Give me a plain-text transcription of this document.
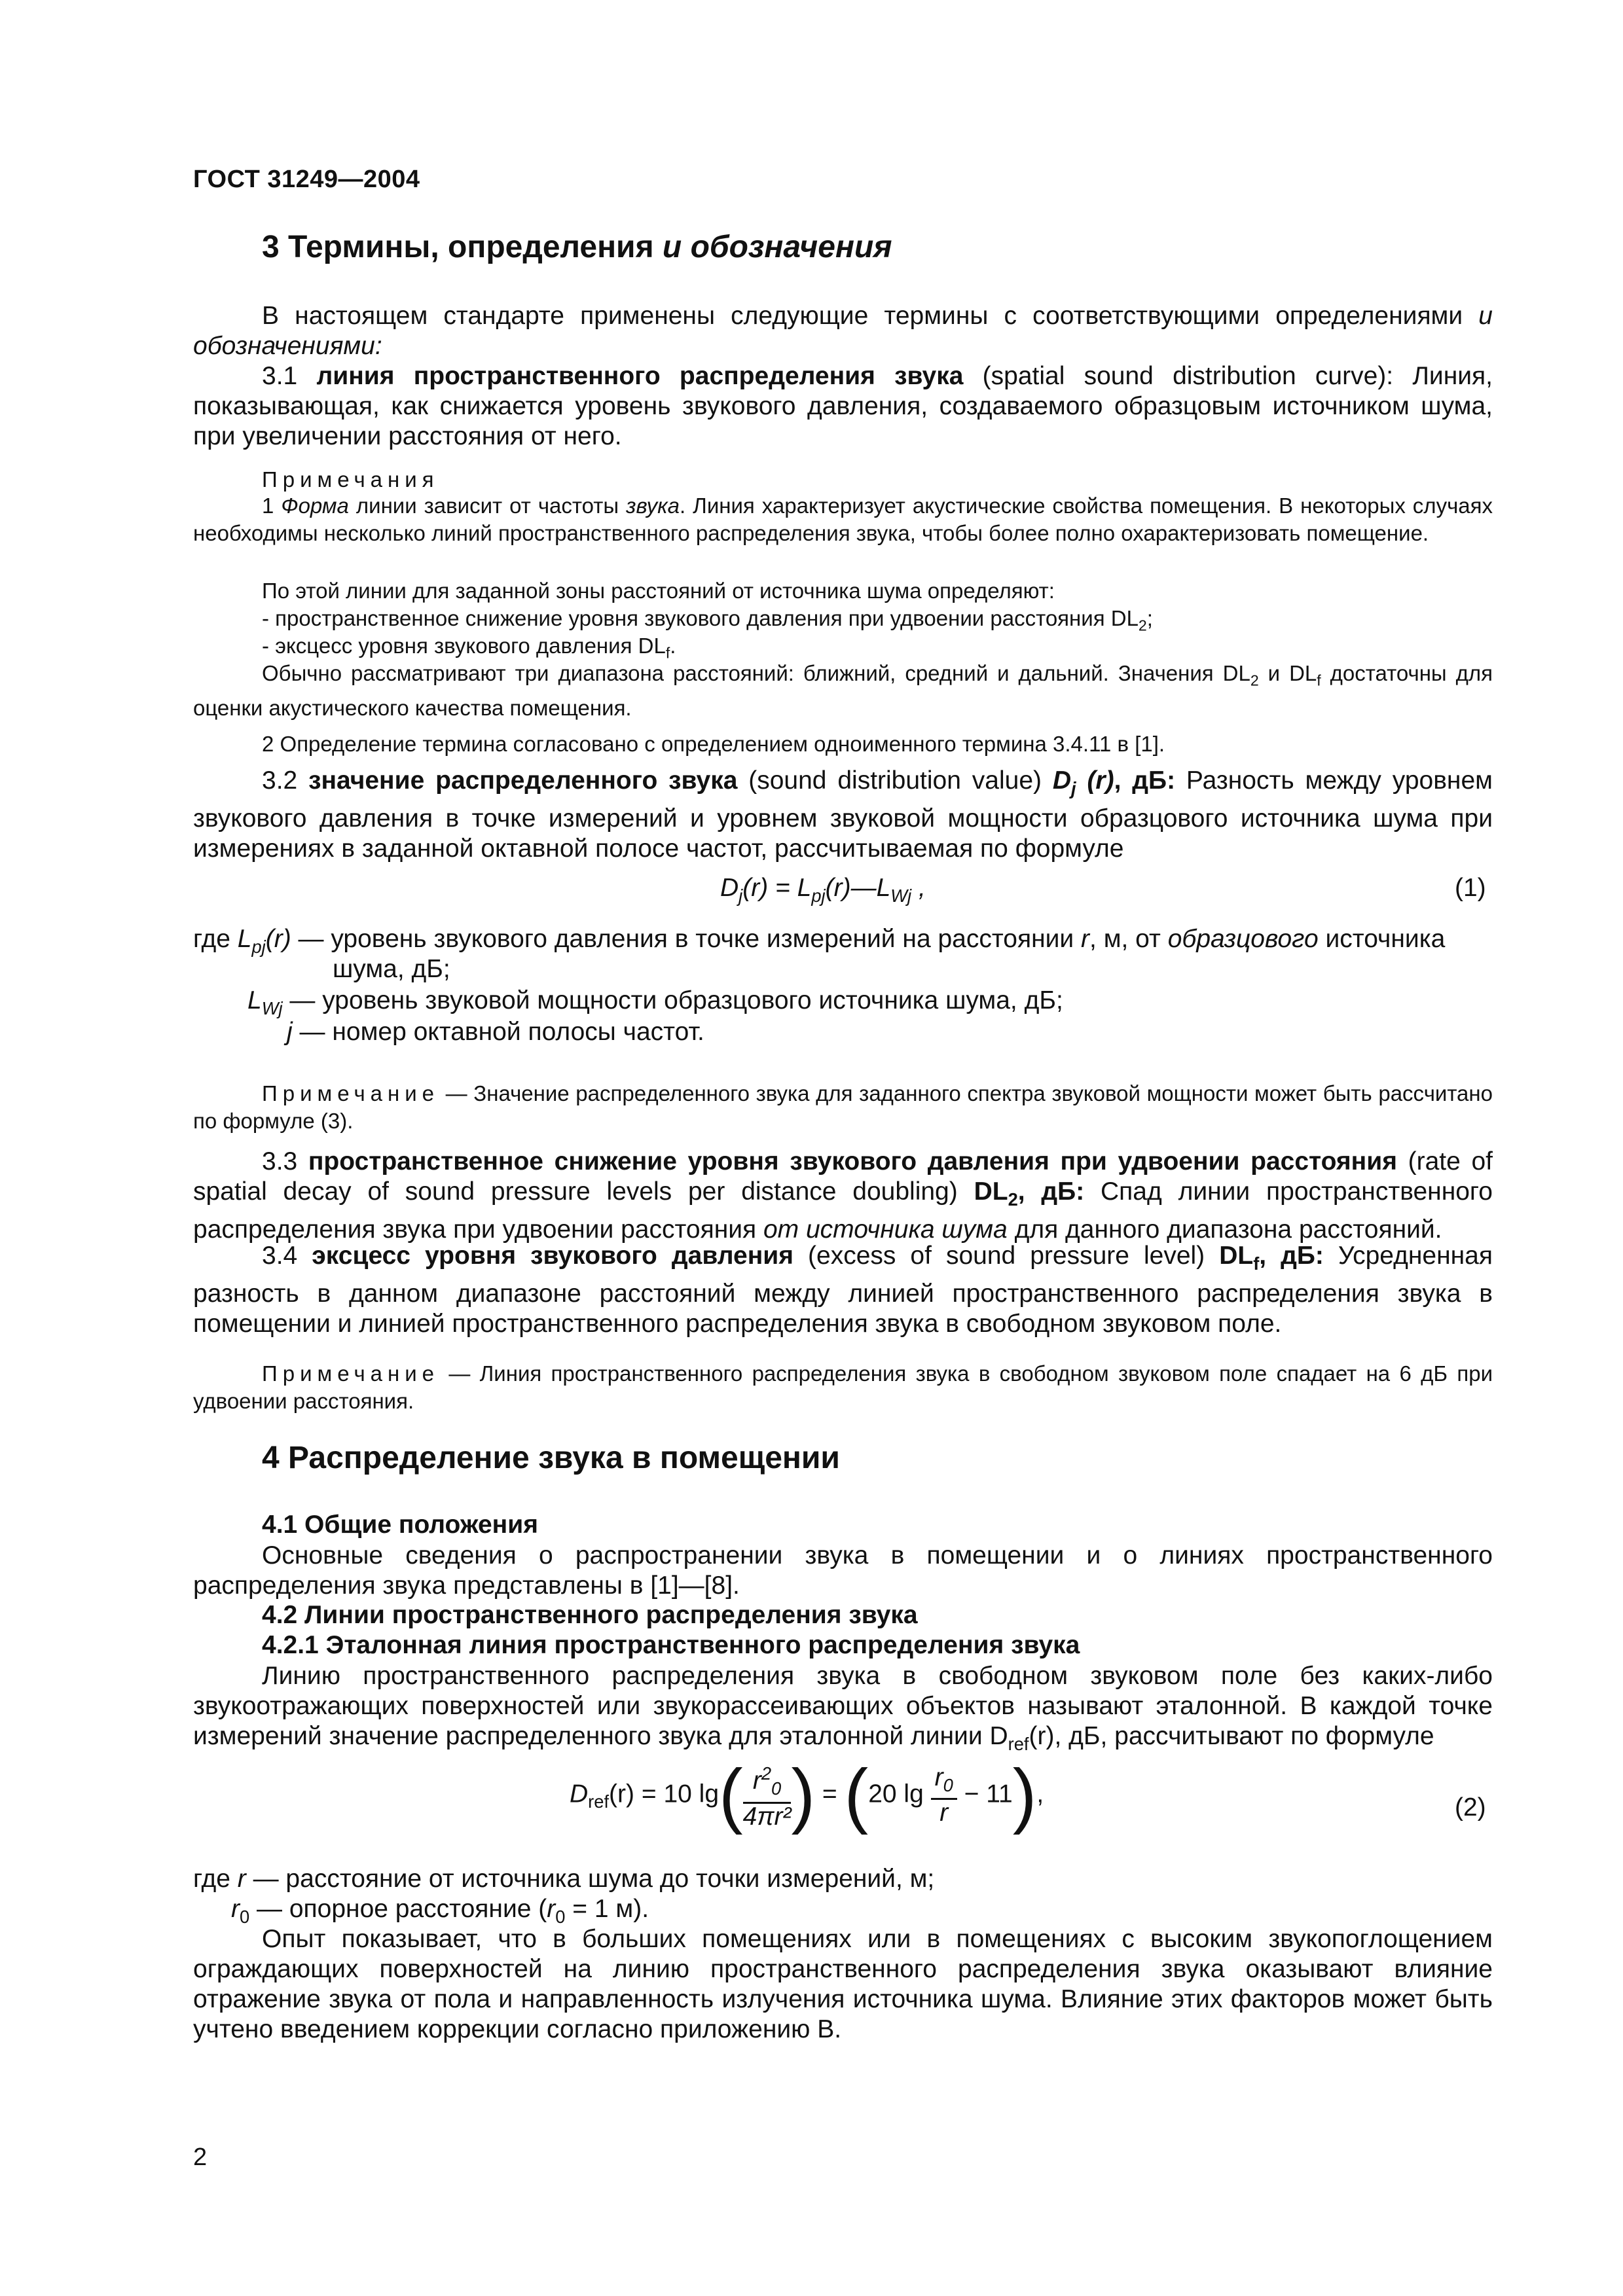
ГОСТ 31249—2004
3 Термины, определения и обозначения
В настоящем стандарте применены следующие термины с соответствующими определениями и обозначениями:
3.1 линия пространственного распределения звука (spatial sound distribution curve): Линия, показывающая, как снижается уровень звукового давления, создаваемого образцовым источником шума, при увеличении расстояния от него.
Примечания
1 Форма линии зависит от частоты звука. Линия характеризует акустические свойства помещения. В некоторых случаях необходимы несколько линий пространственного распределения звука, чтобы более полно охарактеризовать помещение.
По этой линии для заданной зоны расстояний от источника шума определяют:
- пространственное снижение уровня звукового давления при удвоении расстояния $DL_2$;
- эксцесс уровня звукового давления $DL_f$.
Обычно рассматривают три диапазона расстояний: ближний, средний и дальний. Значения $DL_2$ и $DL_f$ достаточны для оценки акустического качества помещения.
2 Определение термина согласовано с определением одноименного термина 3.4.11 в [1].
3.2 значение распределенного звука (sound distribution value) $D_j$ (r), дБ: Разность между уровнем звукового давления в точке измерений и уровнем звуковой мощности образцового источника шума при измерениях в заданной октавной полосе частот, рассчитываемая по формуле
$D_j(r)$ = $L_{pj}(r)—L_{Wj}$ ,	(1)
где $L_{pj}(r)$ — уровень звукового давления в точке измерений на расстоянии r, м, от образцового источника
шума, дБ;
$L_{Wj}$ — уровень звуковой мощности образцового источника шума, дБ;
j — номер октавной полосы частот.
Примечание — Значение распределенного звука для заданного спектра звуковой мощности может быть рассчитано по формуле (3).
3.3 пространственное снижение уровня звукового давления при удвоении расстояния (rate of spatial decay of sound pressure levels per distance doubling) $DL_2$, дБ: Спад линии пространственного распределения звука при удвоении расстояния от источника шума для данного диапазона расстояний.
3.4 эксцесс уровня звукового давления (excess of sound pressure level) $DL_f$, дБ: Усредненная разность в данном диапазоне расстояний между линией пространственного распределения звука в помещении и линией пространственного распределения звука в свободном звуковом поле.
Примечание — Линия пространственного распределения звука в свободном звуковом поле спадает на 6 дБ при удвоении расстояния.
4 Распределение звука в помещении
4.1 Общие положения
Основные сведения о распространении звука в помещении и о линиях пространственного распределения звука представлены в [1]—[8].
4.2 Линии пространственного распределения звука
4.2.1 Эталонная линия пространственного распределения звука
Линию пространственного распределения звука в свободном звуковом поле без каких-либо звукоотражающих поверхностей или звукорассеивающих объектов называют эталонной. В каждой точке измерений значение распределенного звука для эталонной линии $D_{ref}(r)$, дБ, рассчитывают по формуле
$D_{ref}(r) = 10$ $\lg( \frac{r^2_0}{\text{4πr²}}$ ) = (20 $\lg \frac{r_0}{r} - 11$),	(2)
где r — расстояние от источника шума до точки измерений, м;
$r_0$ — опорное расстояние ($r_0 = 1$ м).
Опыт показывает, что в больших помещениях или в помещениях с высоким звукопоглощением ограждающих поверхностей на линию пространственного распределения звука оказывают влияние отражение звука от пола и направленность излучения источника шума. Влияние этих факторов может быть учтено введением коррекции согласно приложению В.
2
